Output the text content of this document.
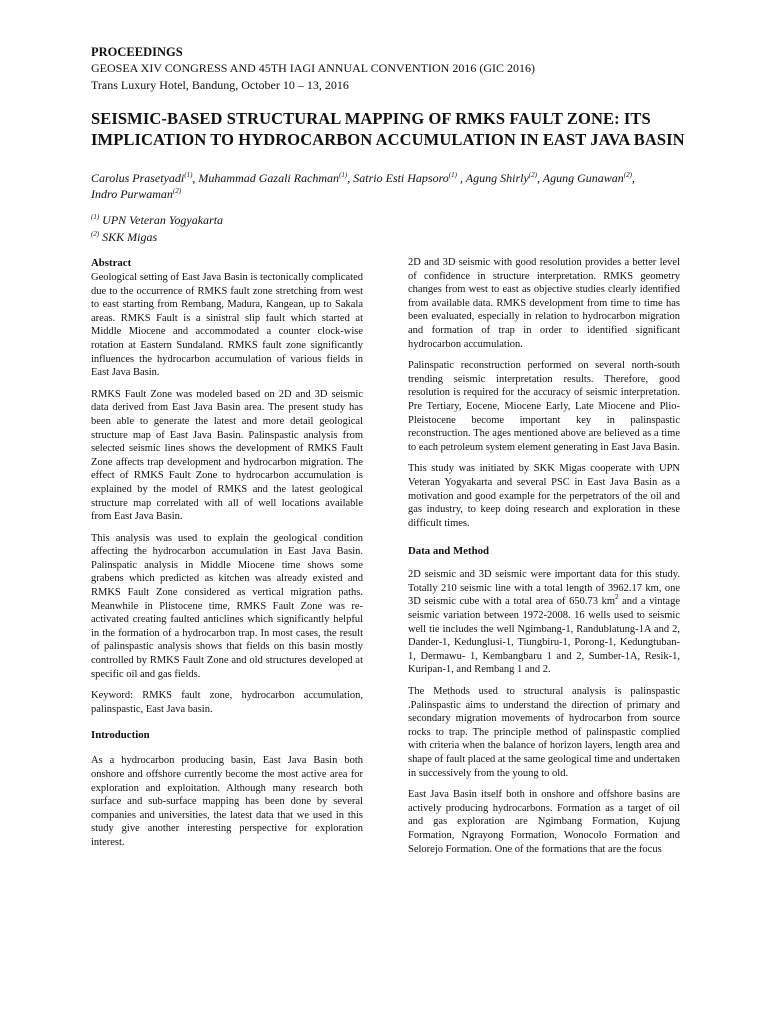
PROCEEDINGS
GEOSEA XIV CONGRESS AND 45TH IAGI ANNUAL CONVENTION 2016 (GIC 2016)
Trans Luxury Hotel, Bandung, October 10 – 13, 2016
SEISMIC-BASED STRUCTURAL MAPPING OF RMKS FAULT ZONE: ITS IMPLICATION TO HYDROCARBON ACCUMULATION IN EAST JAVA BASIN
Carolus Prasetyadi$^{(1)}$, Muhammad Gazali Rachman$^{(1)}$, Satrio Esti Hapsoro$^{(1)}$ , Agung Shirly$^{(2)}$, Agung Gunawan$^{(2)}$, Indro Purwaman$^{(2)}$
$^{(1)}$ UPN Veteran Yogyakarta
$^{(2)}$ SKK Migas
Abstract

Geological setting of East Java Basin is tectonically complicated due to the occurrence of RMKS fault zone stretching from west to east starting from Rembang, Madura, Kangean, up to Sakala areas. RMKS Fault is a sinistral slip fault which started at Middle Miocene and accommodated a counter clock-wise rotation at Eastern Sundaland. RMKS fault zone significantly influences the hydrocarbon accumulation of various fields in East Java Basin.

RMKS Fault Zone was modeled based on 2D and 3D seismic data derived from East Java Basin area. The present study has been able to generate the latest and more detail geological structure map of East Java Basin. Palinspastic analysis from selected seismic lines shows the development of RMKS Fault Zone affects trap development and hydrocarbon migration. The effect of RMKS Fault Zone to hydrocarbon accumulation is explained by the model of RMKS and the latest geological structure map correlated with all of well locations available from East Java Basin.

This analysis was used to explain the geological condition affecting the hydrocarbon accumulation in East Java Basin. Palinspatic analysis in Middle Miocene time shows some grabens which predicted as kitchen was already existed and RMKS Fault Zone considered as vertical migration paths. Meanwhile in Plistocene time, RMKS Fault Zone was re-activated creating faulted anticlines which significantly helpful in the formation of a hydrocarbon trap. In most cases, the result of palinspastic analysis shows that fields on this basin mostly controlled by RMKS Fault Zone and old structures developed at specific oil and gas fields.

Keyword: RMKS fault zone, hydrocarbon accumulation, palinspastic, East Java basin.

Introduction

As a hydrocarbon producing basin, East Java Basin both onshore and offshore currently become the most active area for exploration and exploitation. Although many research both surface and sub-surface mapping has been done by several companies and universities, the latest data that we used in this study give another interesting perspective for exploration interest.

2D and 3D seismic with good resolution provides a better level of confidence in structure interpretation. RMKS geometry changes from west to east as objective studies clearly identified from available data. RMKS development from time to time has been evaluated, especially in relation to hydrocarbon migration and formation of trap in order to identified significant hydrocarbon accumulation.

Palinspatic reconstruction performed on several north-south trending seismic interpretation results. Therefore, good resolution is required for the accuracy of seismic interpretation. Pre Tertiary, Eocene, Miocene Early, Late Miocene and Plio-Pleistocene become important key in palinspastic reconstruction. The ages mentioned above are believed as a time to each petroleum system element generating in East Java Basin.

This study was initiated by SKK Migas cooperate with UPN Veteran Yogyakarta and several PSC in East Java Basin as a motivation and good example for the perpetrators of the oil and gas industry, to keep doing research and exploration in these difficult times.

Data and Method

2D seismic and 3D seismic were important data for this study. Totally 210 seismic line with a total length of 3962.17 km, one 3D seismic cube with a total area of 650.73 $km^2$ and a vintage seismic variation between 1972-2008. 16 wells used to seismic well tie includes the well Ngimbang-1, Randublatung-1A and 2, Dander-1, Kedunglusi-1, Tiungbiru-1, Porong-1, Kedungtuban-1, Dermawu- 1, Kembangbaru 1 and 2, Sumber-1A, Resik-1, Kuripan-1, and Rembang 1 and 2.

The Methods used to structural analysis is palinspastic .Palinspastic aims to understand the direction of primary and secondary migration movements of hydrocarbon from source rocks to trap. The principle method of palinspastic complied with criteria when the balance of horizon layers, length area and shape of fault placed at the same geological time and undertaken in successively from the young to old.

East Java Basin itself both in onshore and offshore basins are actively producing hydrocarbons. Formation as a target of oil and gas exploration are Ngimbang Formation, Kujung Formation, Ngrayong Formation, Wonocolo Formation and Selorejo Formation. One of the formations that are the focus
